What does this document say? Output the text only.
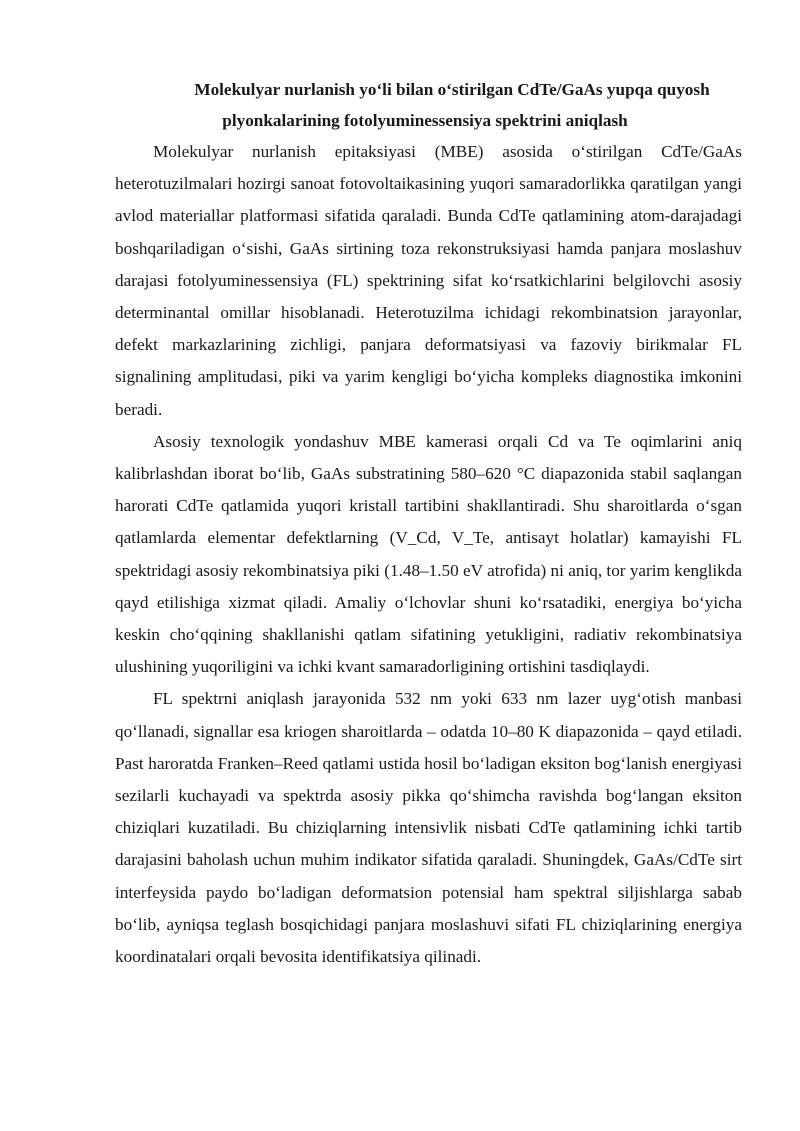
Molekulyar nurlanish yo‘li bilan o‘stirilgan CdTe/GaAs yupqa quyosh
plyonkalarining fotolyuminessensiya spektrini aniqlash

Molekulyar nurlanish epitaksiyasi (MBE) asosida o‘stirilgan CdTe/GaAs heterotuzilmalari hozirgi sanoat fotovoltaikasining yuqori samaradorlikka qaratilgan yangi avlod materiallar platformasi sifatida qaraladi. Bunda CdTe qatlamining atom-darajadagi boshqariladigan o‘sishi, GaAs sirtining toza rekonstruksiyasi hamda panjara moslashuv darajasi fotolyuminessensiya (FL) spektrining sifat ko‘rsatkichlarini belgilovchi asosiy determinantal omillar hisoblanadi. Heterotuzilma ichidagi rekombinatsion jarayonlar, defekt markazlarining zichligi, panjara deformatsiyasi va fazoviy birikmalar FL signalining amplitudasi, piki va yarim kengligi bo‘yicha kompleks diagnostika imkonini beradi.

Asosiy texnologik yondashuv MBE kamerasi orqali Cd va Te oqimlarini aniq kalibrlashdan iborat bo‘lib, GaAs substratining 580–620 °C diapazonida stabil saqlangan harorati CdTe qatlamida yuqori kristall tartibini shakllantiradi. Shu sharoitlarda o‘sgan qatlamlarda elementar defektlarning (V_Cd, V_Te, antisayt holatlar) kamayishi FL spektridagi asosiy rekombinatsiya piki (1.48–1.50 eV atrofida) ni aniq, tor yarim kenglikda qayd etilishiga xizmat qiladi. Amaliy o‘lchovlar shuni ko‘rsatadiki, energiya bo‘yicha keskin cho‘qqining shakllanishi qatlam sifatining yetukligini, radiativ rekombinatsiya ulushining yuqoriligini va ichki kvant samaradorligining ortishini tasdiqlaydi.

FL spektrni aniqlash jarayonida 532 nm yoki 633 nm lazer uyg‘otish manbasi qo‘llanadi, signallar esa kriogen sharoitlarda – odatda 10–80 K diapazonida – qayd etiladi. Past haroratda Franken–Reed qatlami ustida hosil bo‘ladigan eksiton bog‘lanish energiyasi sezilarli kuchayadi va spektrda asosiy pikka qo‘shimcha ravishda bog‘langan eksiton chiziqlari kuzatiladi. Bu chiziqlarning intensivlik nisbati CdTe qatlamining ichki tartib darajasini baholash uchun muhim indikator sifatida qaraladi. Shuningdek, GaAs/CdTe sirt interfeysida paydo bo‘ladigan deformatsion potensial ham spektral siljishlarga sabab bo‘lib, ayniqsa teglash bosqichidagi panjara moslashuvi sifati FL chiziqlarining energiya koordinatalari orqali bevosita identifikatsiya qilinadi.
